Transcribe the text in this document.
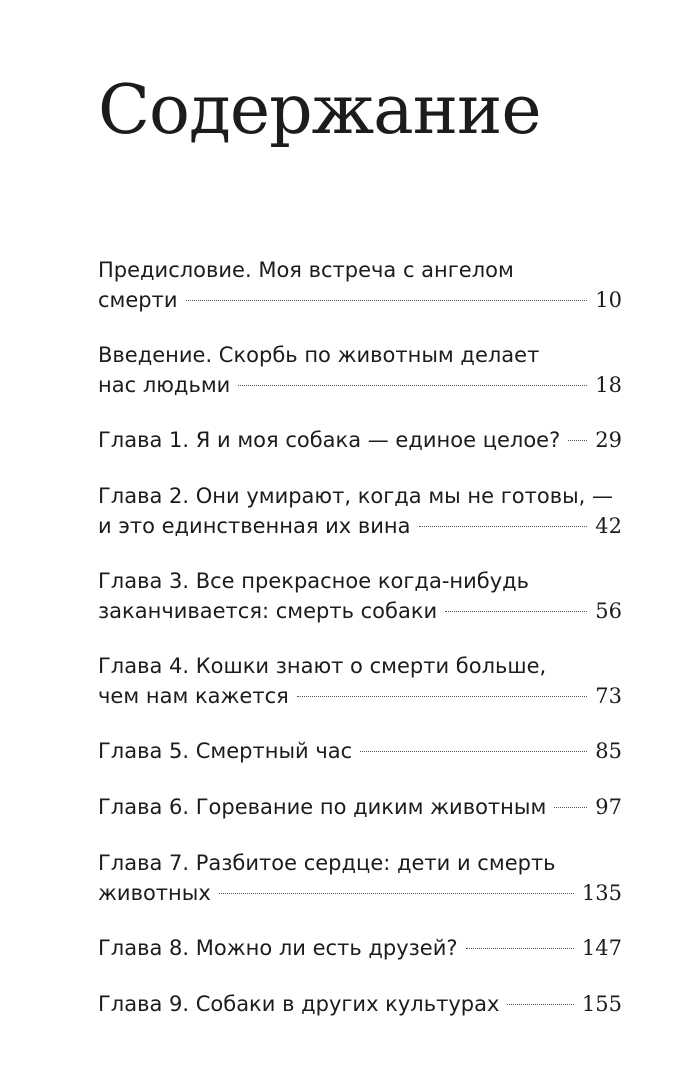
Содержание
Предисловие. Моя встреча с ангелом
смерти	10
Введение. Скорбь по животным делает
нас людьми	18
Глава 1. Я и моя собака — единое целое? 29
Глава 2. Они умирают, когда мы не готовы, —
и это единственная их вина	42
Глава 3. Все прекрасное когда-нибудь
заканчивается: смерть собаки	56
Глава 4. Кошки знают о смерти больше,
чем нам кажется	73
Глава 5. Смертный час	85
Глава 6. Горевание по диким животным 97
Глава 7. Разбитое сердце: дети и смерть
животных	135
Глава 8. Можно ли есть друзей?	147
Глава 9. Собаки в других культурах	155
